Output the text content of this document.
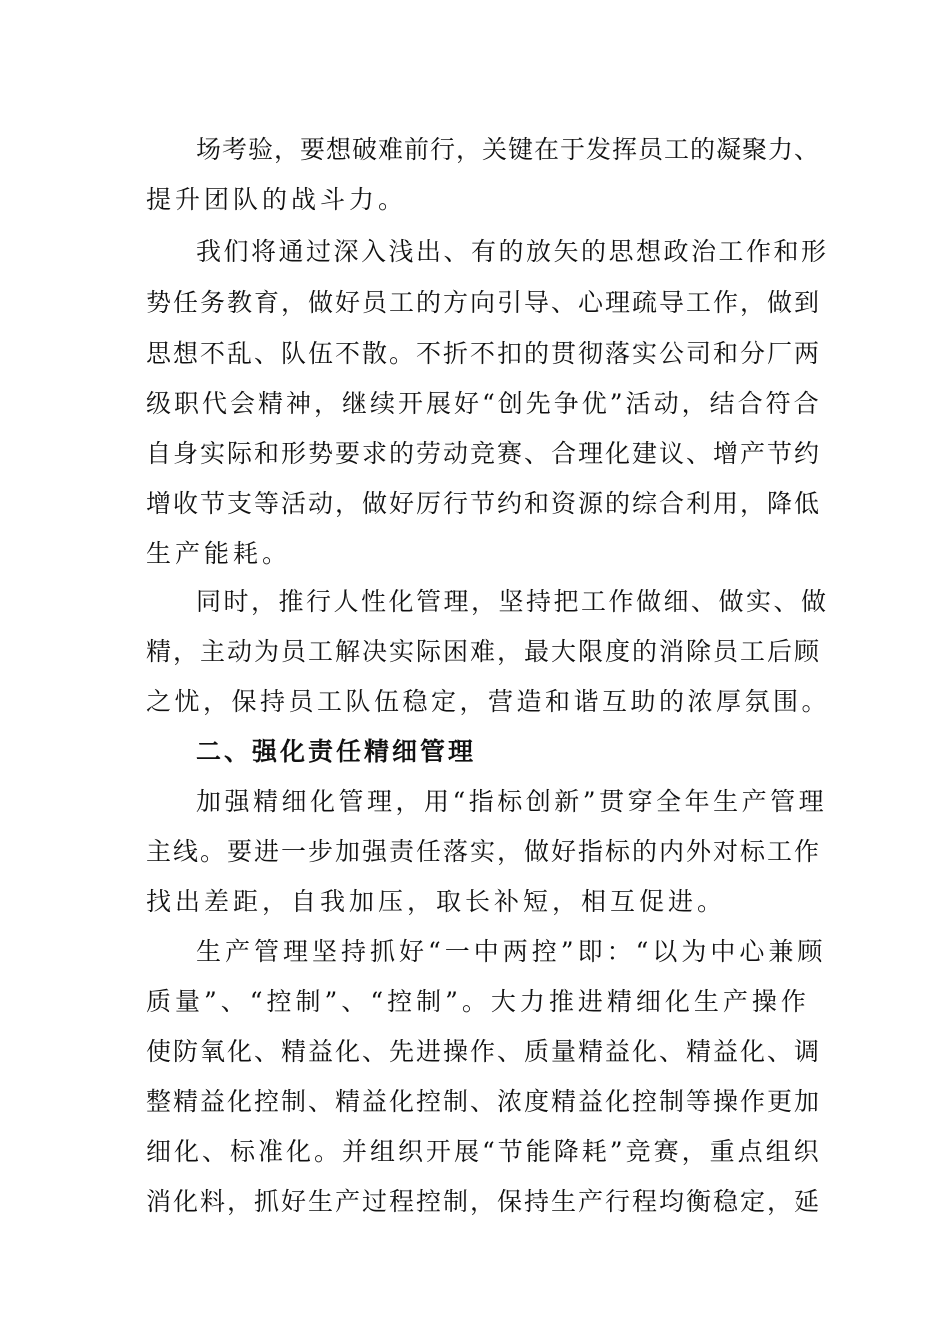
场考验，要想破难前行，关键在于发挥员工的凝聚力、
提升团队的战斗力。
我们将通过深入浅出、有的放矢的思想政治工作和形
势任务教育，做好员工的方向引导、心理疏导工作，做到
思想不乱、队伍不散。不折不扣的贯彻落实公司和分厂两
级职代会精神，继续开展好“创先争优”活动，结合符合
自身实际和形势要求的劳动竞赛、合理化建议、增产节约
增收节支等活动，做好厉行节约和资源的综合利用，降低
生产能耗。
同时，推行人性化管理，坚持把工作做细、做实、做
精，主动为员工解决实际困难，最大限度的消除员工后顾
之忧，保持员工队伍稳定，营造和谐互助的浓厚氛围。
二、强化责任精细管理
加强精细化管理，用“指标创新”贯穿全年生产管理
主线。要进一步加强责任落实，做好指标的内外对标工作
找出差距，自我加压，取长补短，相互促进。
生产管理坚持抓好“一中两控”即：“以为中心兼顾
质量”、“控制”、“控制”。大力推进精细化生产操作
使防氧化、精益化、先进操作、质量精益化、精益化、调
整精益化控制、精益化控制、浓度精益化控制等操作更加
细化、标准化。并组织开展“节能降耗”竞赛，重点组织
消化料，抓好生产过程控制，保持生产行程均衡稳定，延
